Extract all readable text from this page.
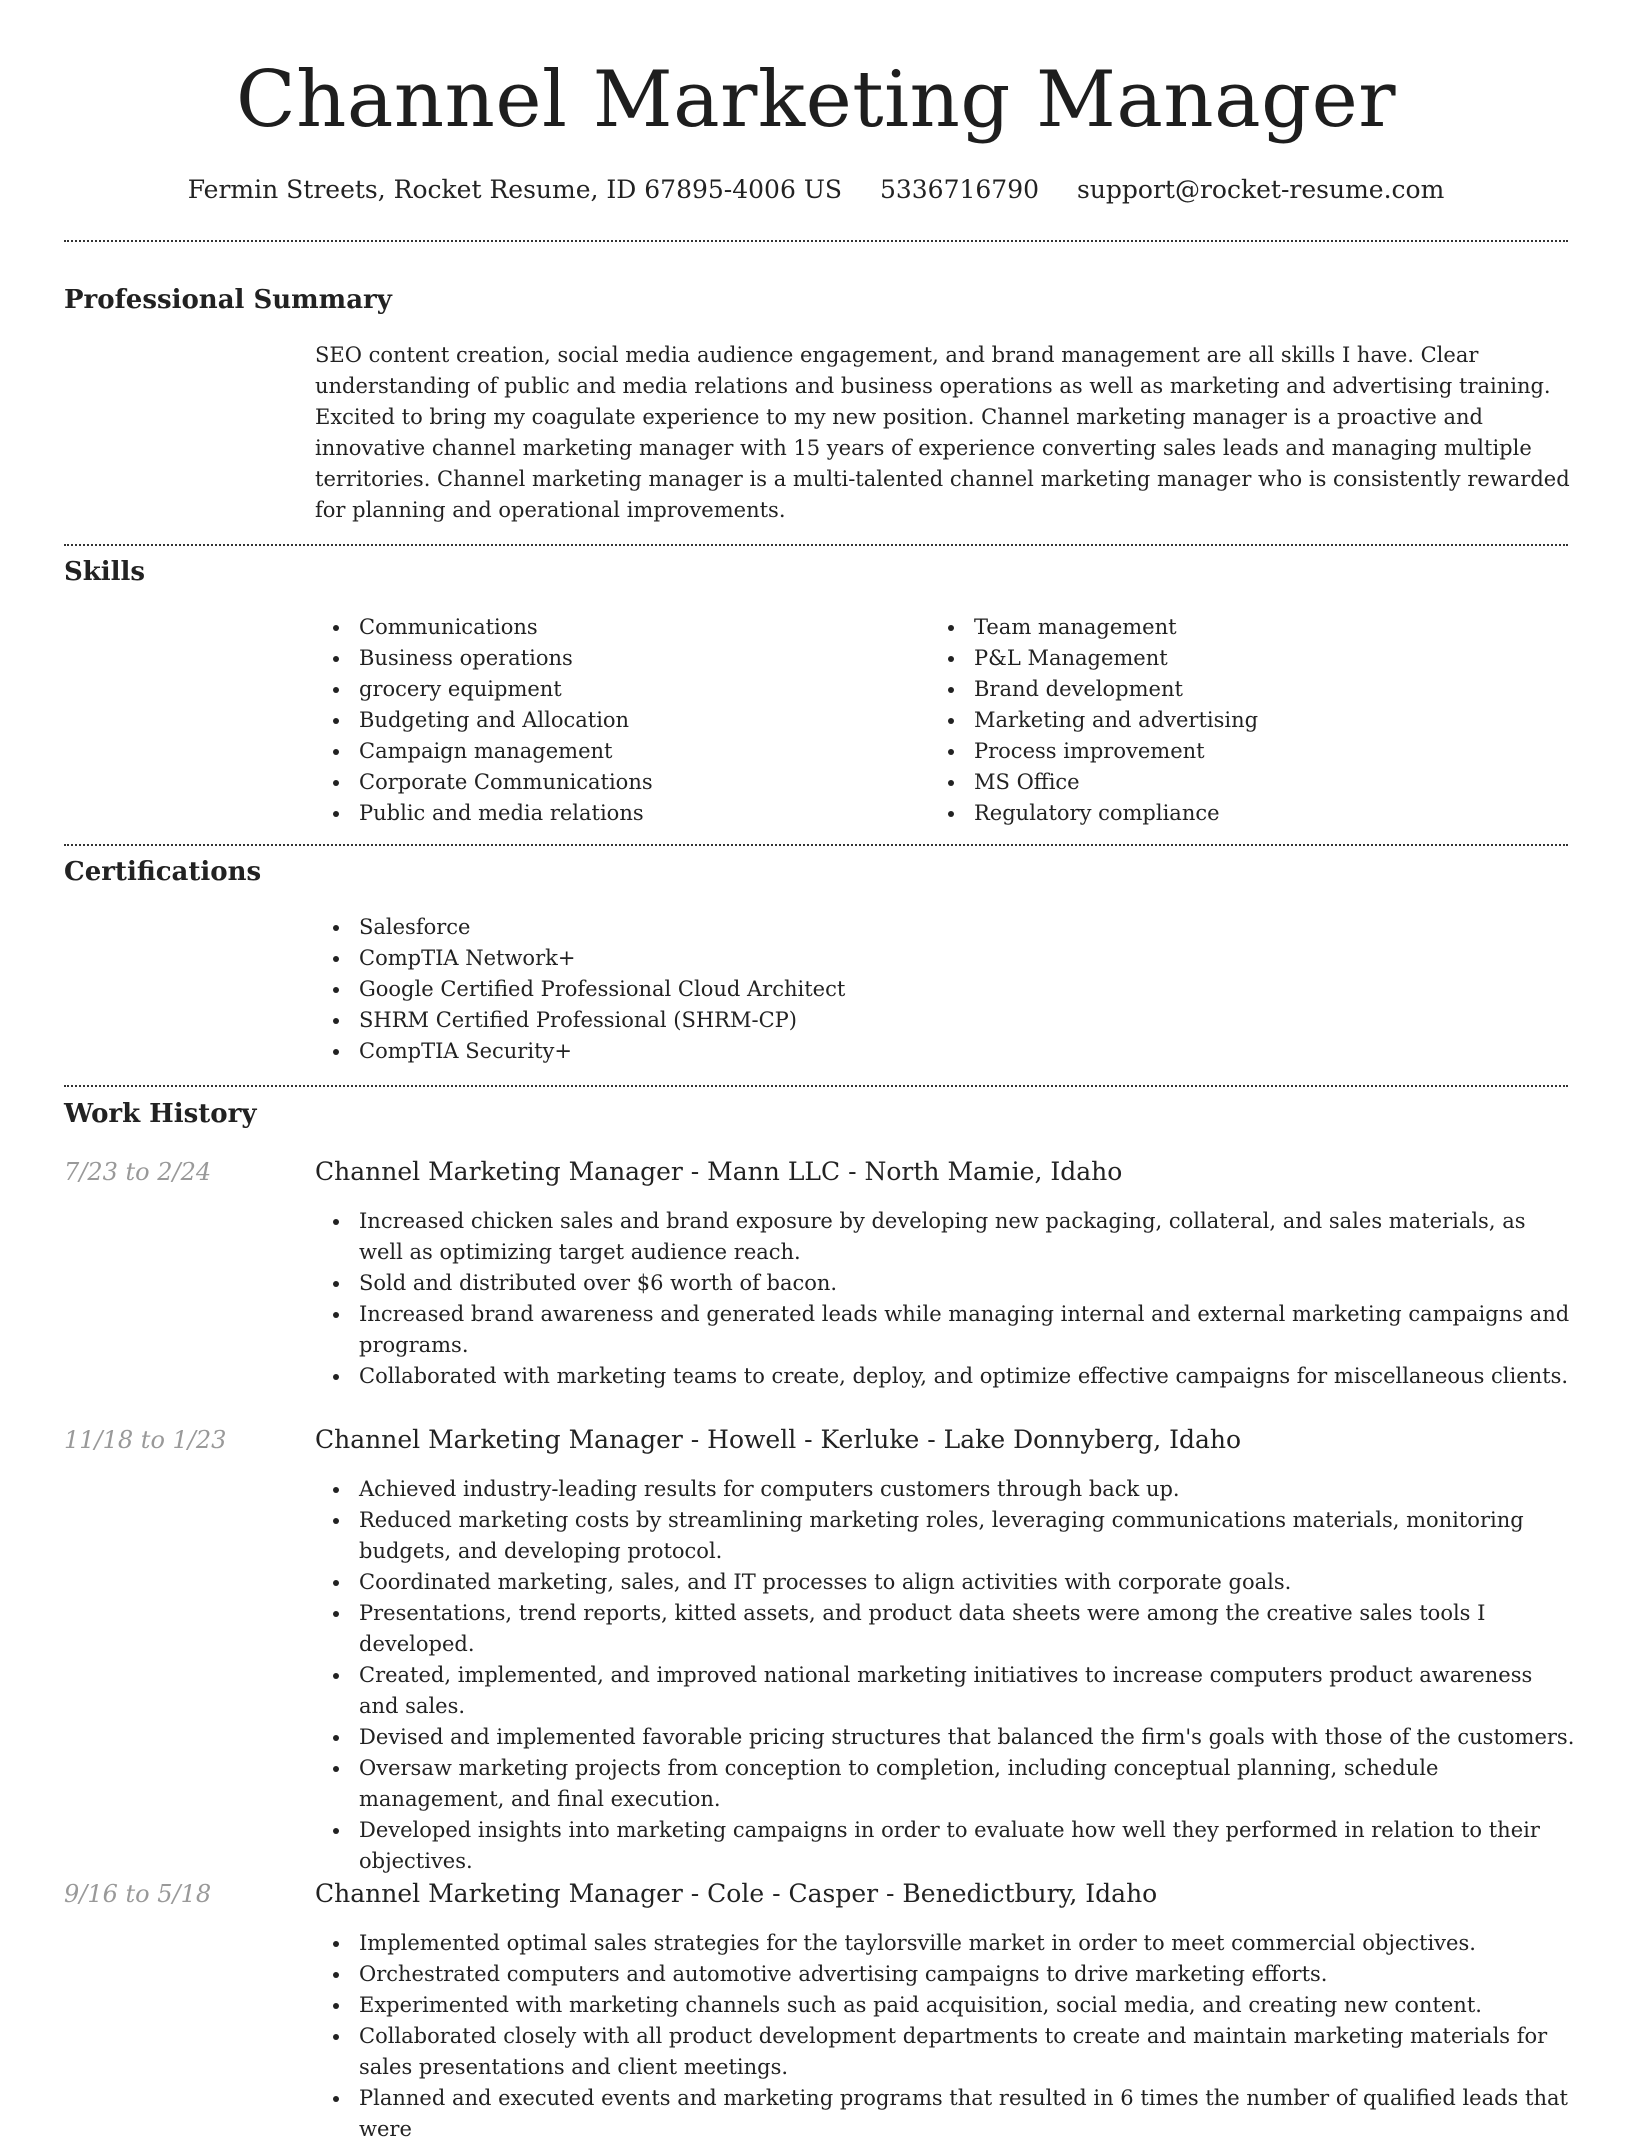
Channel Marketing Manager
Fermin Streets, Rocket Resume, ID 67895-4006 US 5336716790 support@rocket-resume.com
Professional Summary

SEO content creation, social media audience engagement, and brand management are all skills I have. Clear understanding of public and media relations and business operations as well as marketing and advertising training. Excited to bring my coagulate experience to my new position. Channel marketing manager is a proactive and innovative channel marketing manager with 15 years of experience converting sales leads and managing multiple territories. Channel marketing manager is a multi-talented channel marketing manager who is consistently rewarded for planning and operational improvements.

Skills
Communications
Business operations
grocery equipment
Budgeting and Allocation
Campaign management
Corporate Communications
Public and media relations
Team management
P&L Management
Brand development
Marketing and advertising
Process improvement
MS Office
Regulatory compliance
Certifications
Salesforce
CompTIA Network+
Google Certified Professional Cloud Architect
SHRM Certified Professional (SHRM-CP)
CompTIA Security+
Work History
7/23 to 2/24	Channel Marketing Manager - Mann LLC - North Mamie, Idaho
Increased chicken sales and brand exposure by developing new packaging, collateral, and sales materials, as well as optimizing target audience reach.
Sold and distributed over $6 worth of bacon.
Increased brand awareness and generated leads while managing internal and external marketing campaigns and programs.
Collaborated with marketing teams to create, deploy, and optimize effective campaigns for miscellaneous clients.
11/18 to 1/23	Channel Marketing Manager - Howell - Kerluke - Lake Donnyberg, Idaho
Achieved industry-leading results for computers customers through back up.
Reduced marketing costs by streamlining marketing roles, leveraging communications materials, monitoring budgets, and developing protocol.
Coordinated marketing, sales, and IT processes to align activities with corporate goals.
Presentations, trend reports, kitted assets, and product data sheets were among the creative sales tools I developed.
Created, implemented, and improved national marketing initiatives to increase computers product awareness and sales.
Devised and implemented favorable pricing structures that balanced the firm's goals with those of the customers.
Oversaw marketing projects from conception to completion, including conceptual planning, schedule management, and final execution.
Developed insights into marketing campaigns in order to evaluate how well they performed in relation to their objectives.
9/16 to 5/18	Channel Marketing Manager - Cole - Casper - Benedictbury, Idaho
Implemented optimal sales strategies for the taylorsville market in order to meet commercial objectives.
Orchestrated computers and automotive advertising campaigns to drive marketing efforts.
Experimented with marketing channels such as paid acquisition, social media, and creating new content.
Collaborated closely with all product development departments to create and maintain marketing materials for sales presentations and client meetings.
Planned and executed events and marketing programs that resulted in 6 times the number of qualified leads that were
